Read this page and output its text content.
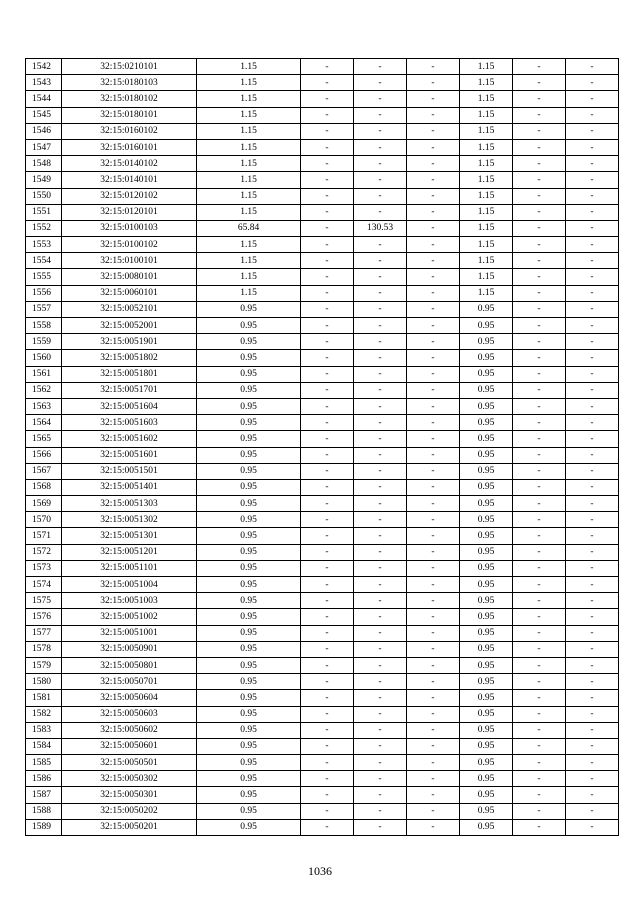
1542	32:15:0210101	1.15	-	-	-	1.15	-	-
1543	32:15:0180103	1.15	-	-	-	1.15	-	-
1544	32:15:0180102	1.15	-	-	-	1.15	-	-
1545	32:15:0180101	1.15	-	-	-	1.15	-	-
1546	32:15:0160102	1.15	-	-	-	1.15	-	-
1547	32:15:0160101	1.15	-	-	-	1.15	-	-
1548	32:15:0140102	1.15	-	-	-	1.15	-	-
1549	32:15:0140101	1.15	-	-	-	1.15	-	-
1550	32:15:0120102	1.15	-	-	-	1.15	-	-
1551	32:15:0120101	1.15	-	-	-	1.15	-	-
1552	32:15:0100103	65.84	-	130.53	-	1.15	-	-
1553	32:15:0100102	1.15	-	-	-	1.15	-	-
1554	32:15:0100101	1.15	-	-	-	1.15	-	-
1555	32:15:0080101	1.15	-	-	-	1.15	-	-
1556	32:15:0060101	1.15	-	-	-	1.15	-	-
1557	32:15:0052101	0.95	-	-	-	0.95	-	-
1558	32:15:0052001	0.95	-	-	-	0.95	-	-
1559	32:15:0051901	0.95	-	-	-	0.95	-	-
1560	32:15:0051802	0.95	-	-	-	0.95	-	-
1561	32:15:0051801	0.95	-	-	-	0.95	-	-
1562	32:15:0051701	0.95	-	-	-	0.95	-	-
1563	32:15:0051604	0.95	-	-	-	0.95	-	-
1564	32:15:0051603	0.95	-	-	-	0.95	-	-
1565	32:15:0051602	0.95	-	-	-	0.95	-	-
1566	32:15:0051601	0.95	-	-	-	0.95	-	-
1567	32:15:0051501	0.95	-	-	-	0.95	-	-
1568	32:15:0051401	0.95	-	-	-	0.95	-	-
1569	32:15:0051303	0.95	-	-	-	0.95	-	-
1570	32:15:0051302	0.95	-	-	-	0.95	-	-
1571	32:15:0051301	0.95	-	-	-	0.95	-	-
1572	32:15:0051201	0.95	-	-	-	0.95	-	-
1573	32:15:0051101	0.95	-	-	-	0.95	-	-
1574	32:15:0051004	0.95	-	-	-	0.95	-	-
1575	32:15:0051003	0.95	-	-	-	0.95	-	-
1576	32:15:0051002	0.95	-	-	-	0.95	-	-
1577	32:15:0051001	0.95	-	-	-	0.95	-	-
1578	32:15:0050901	0.95	-	-	-	0.95	-	-
1579	32:15:0050801	0.95	-	-	-	0.95	-	-
1580	32:15:0050701	0.95	-	-	-	0.95	-	-
1581	32:15:0050604	0.95	-	-	-	0.95	-	-
1582	32:15:0050603	0.95	-	-	-	0.95	-	-
1583	32:15:0050602	0.95	-	-	-	0.95	-	-
1584	32:15:0050601	0.95	-	-	-	0.95	-	-
1585	32:15:0050501	0.95	-	-	-	0.95	-	-
1586	32:15:0050302	0.95	-	-	-	0.95	-	-
1587	32:15:0050301	0.95	-	-	-	0.95	-	-
1588	32:15:0050202	0.95	-	-	-	0.95	-	-
1589	32:15:0050201	0.95	-	-	-	0.95	-	-
1036
